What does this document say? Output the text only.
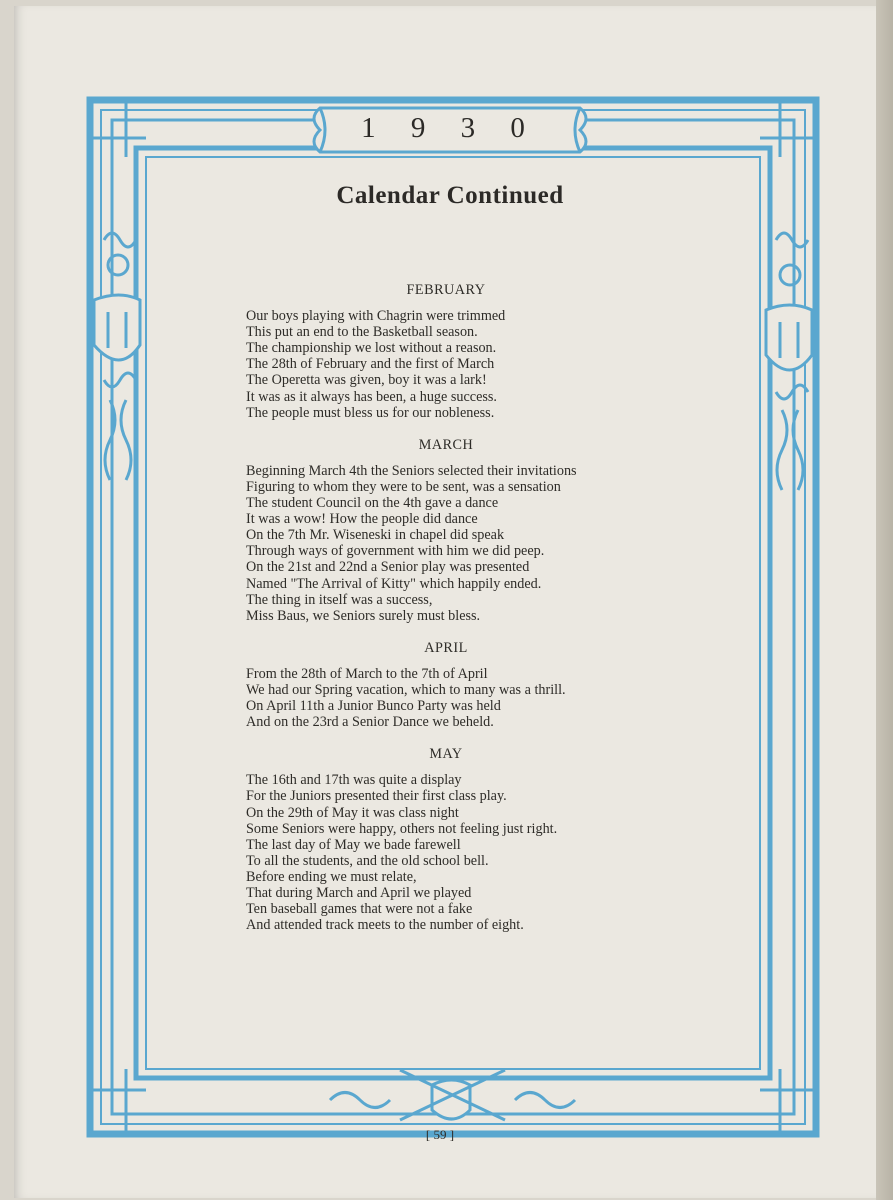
1 9 3 0
Calendar Continued
FEBRUARY
Our boys playing with Chagrin were trimmed
This put an end to the Basketball season.
The championship we lost without a reason.
The 28th of February and the first of March
The Operetta was given, boy it was a lark!
It was as it always has been, a huge success.
The people must bless us for our nobleness.
MARCH
Beginning March 4th the Seniors selected their invitations
Figuring to whom they were to be sent, was a sensation
The student Council on the 4th gave a dance
It was a wow! How the people did dance
On the 7th Mr. Wiseneski in chapel did speak
Through ways of government with him we did peep.
On the 21st and 22nd a Senior play was presented
Named "The Arrival of Kitty" which happily ended.
The thing in itself was a success,
Miss Baus, we Seniors surely must bless.
APRIL
From the 28th of March to the 7th of April
We had our Spring vacation, which to many was a thrill.
On April 11th a Junior Bunco Party was held
And on the 23rd a Senior Dance we beheld.
MAY
The 16th and 17th was quite a display
For the Juniors presented their first class play.
On the 29th of May it was class night
Some Seniors were happy, others not feeling just right.
The last day of May we bade farewell
To all the students, and the old school bell.
Before ending we must relate,
That during March and April we played
Ten baseball games that were not a fake
And attended track meets to the number of eight.
[ 59 ]
